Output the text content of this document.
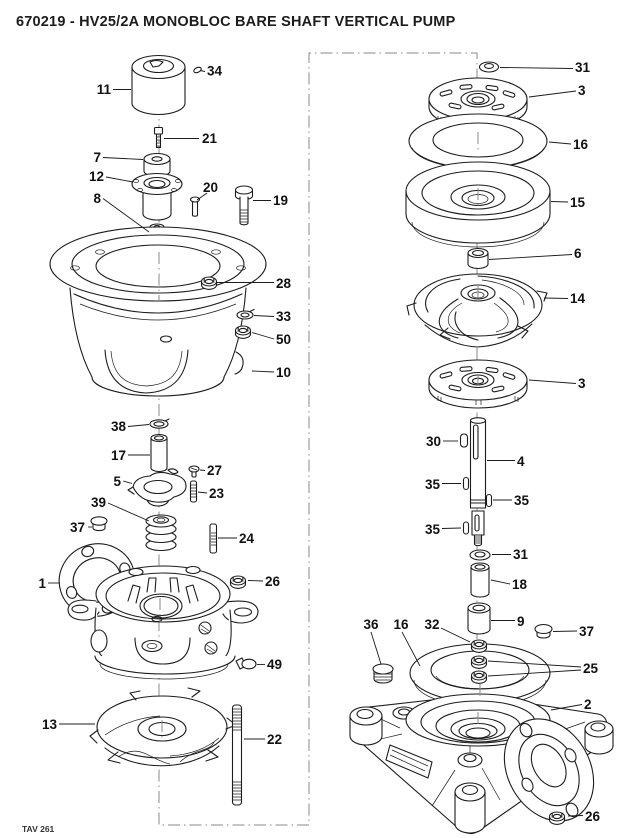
670219 - HV25/2A MONOBLOC BARE SHAFT VERTICAL PUMP
34
11
21
7
12
8
20
19
28
33
50
10
38
17
27
5
23
39
37
24
1	26
49
13
22
31
3
16
15
6
14
3
30
4
35
35
35
31
18
9
37
36 16 32
25
2
26
TAV 261
